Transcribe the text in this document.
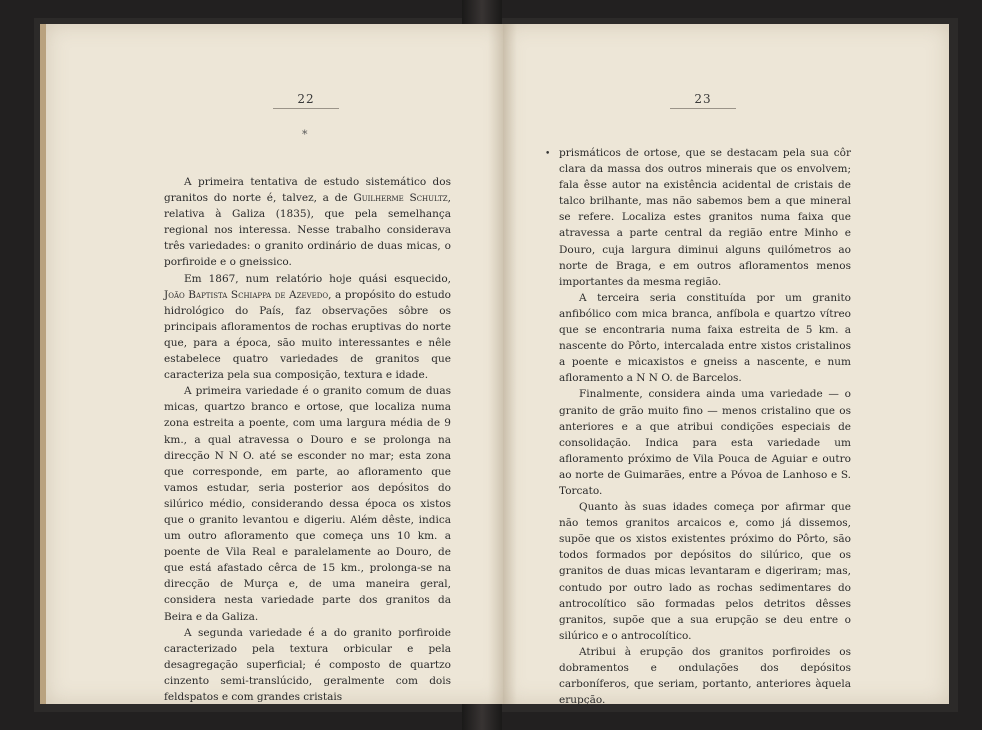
22
*

A primeira tentativa de estudo sistemático dos granitos do norte é, talvez, a de Guilherme Schultz, relativa à Galiza (1835), que pela semelhança regional nos interessa. Nesse trabalho considerava três variedades: o granito ordinário de duas micas, o porfiroide e o gneissico.

Em 1867, num relatório hoje quási esquecido, João Baptista Schiappa de Azevedo, a propósito do estudo hidrológico do País, faz observações sôbre os principais afloramentos de rochas eruptivas do norte que, para a época, são muito interessantes e nêle estabelece quatro variedades de granitos que caracteriza pela sua composição, textura e idade.

A primeira variedade é o granito comum de duas micas, quartzo branco e ortose, que localiza numa zona estreita a poente, com uma largura média de 9 km., a qual atravessa o Douro e se prolonga na direcção N N O. até se esconder no mar; esta zona que corresponde, em parte, ao afloramento que vamos estudar, seria posterior aos depósitos do silúrico médio, considerando dessa época os xistos que o granito levantou e digeriu. Além dêste, indica um outro afloramento que começa uns 10 km. a poente de Vila Real e paralelamente ao Douro, de que está afastado cêrca de 15 km., prolonga-se na direcção de Murça e, de uma maneira geral, considera nesta variedade parte dos granitos da Beira e da Galiza.

A segunda variedade é a do granito porfiroide caracterizado pela textura orbicular e pela desagregação superficial; é composto de quartzo cinzento semi-translúcido, geralmente com dois feldspatos e com grandes cristais

23
• prismáticos de ortose, que se destacam pela sua côr clara da massa dos outros minerais que os envolvem; fala êsse autor na existência acidental de cristais de talco brilhante, mas não sabemos bem a que mineral se refere. Localiza estes granitos numa faixa que atravessa a parte central da região entre Minho e Douro, cuja largura diminui alguns quilómetros ao norte de Braga, e em outros afloramentos menos importantes da mesma região.

A terceira seria constituída por um granito anfibólico com mica branca, anfíbola e quartzo vítreo que se encontraria numa faixa estreita de 5 km. a nascente do Pôrto, intercalada entre xistos cristalinos a poente e micaxistos e gneiss a nascente, e num afloramento a N N O. de Barcelos.

Finalmente, considera ainda uma variedade — o granito de grão muito fino — menos cristalino que os anteriores e a que atribui condições especiais de consolidação. Indica para esta variedade um afloramento próximo de Vila Pouca de Aguiar e outro ao norte de Guimarães, entre a Póvoa de Lanhoso e S. Torcato.

Quanto às suas idades começa por afirmar que não temos granitos arcaicos e, como já dissemos, supõe que os xistos existentes próximo do Pôrto, são todos formados por depósitos do silúrico, que os granitos de duas micas levantaram e digeriram; mas, contudo por outro lado as rochas sedimentares do antrocolítico são formadas pelos detritos dêsses granitos, supõe que a sua erupção se deu entre o silúrico e o antrocolítico.

Atribui à erupção dos granitos porfiroides os dobramentos e ondulações dos depósitos carboníferos, que seriam, portanto, anteriores àquela erupção.
